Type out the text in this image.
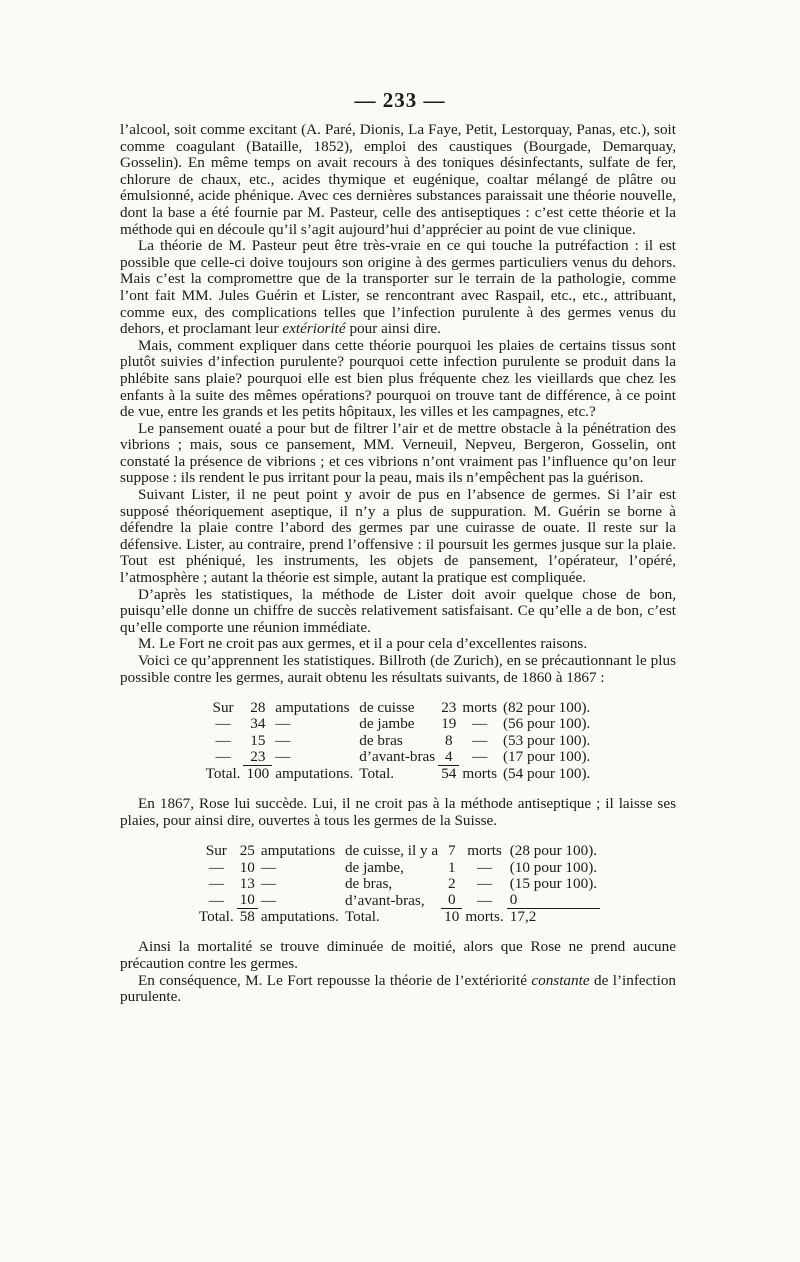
— 233 —

l’alcool, soit comme excitant (A. Paré, Dionis, La Faye, Petit, Lestorquay, Panas, etc.), soit comme coagulant (Bataille, 1852), emploi des caustiques (Bourgade, Demarquay, Gosselin). En même temps on avait recours à des toniques désinfectants, sulfate de fer, chlorure de chaux, etc., acides thymique et eugénique, coaltar mélangé de plâtre ou émulsionné, acide phénique. Avec ces dernières substances paraissait une théorie nouvelle, dont la base a été fournie par M. Pasteur, celle des antiseptiques : c’est cette théorie et la méthode qui en découle qu’il s’agit aujourd’hui d’apprécier au point de vue clinique.

La théorie de M. Pasteur peut être très-vraie en ce qui touche la putréfaction : il est possible que celle-ci doive toujours son origine à des germes particuliers venus du dehors. Mais c’est la compromettre que de la transporter sur le terrain de la pathologie, comme l’ont fait MM. Jules Guérin et Lister, se rencontrant avec Raspail, etc., etc., attribuant, comme eux, des complications telles que l’infection purulente à des germes venus du dehors, et proclamant leur extériorité pour ainsi dire.

Mais, comment expliquer dans cette théorie pourquoi les plaies de certains tissus sont plutôt suivies d’infection purulente? pourquoi cette infection purulente se produit dans la phlébite sans plaie? pourquoi elle est bien plus fréquente chez les vieillards que chez les enfants à la suite des mêmes opérations? pourquoi on trouve tant de différence, à ce point de vue, entre les grands et les petits hôpitaux, les villes et les campagnes, etc.?

Le pansement ouaté a pour but de filtrer l’air et de mettre obstacle à la pénétration des vibrions ; mais, sous ce pansement, MM. Verneuil, Nepveu, Bergeron, Gosselin, ont constaté la présence de vibrions ; et ces vibrions n’ont vraiment pas l’influence qu’on leur suppose : ils rendent le pus irritant pour la peau, mais ils n’empêchent pas la guérison.

Suivant Lister, il ne peut point y avoir de pus en l’absence de germes. Si l’air est supposé théoriquement aseptique, il n’y a plus de suppuration. M. Guérin se borne à défendre la plaie contre l’abord des germes par une cuirasse de ouate. Il reste sur la défensive. Lister, au contraire, prend l’offensive : il poursuit les germes jusque sur la plaie. Tout est phéniqué, les instruments, les objets de pansement, l’opérateur, l’opéré, l’atmosphère ; autant la théorie est simple, autant la pratique est compliquée.

D’après les statistiques, la méthode de Lister doit avoir quelque chose de bon, puisqu’elle donne un chiffre de succès relativement satisfaisant. Ce qu’elle a de bon, c’est qu’elle comporte une réunion immédiate.

M. Le Fort ne croit pas aux germes, et il a pour cela d’excellentes raisons.

Voici ce qu’apprennent les statistiques. Billroth (de Zurich), en se précautionnant le plus possible contre les germes, aurait obtenu les résultats suivants, de 1860 à 1867 :

Sur	28	amputations	de cuisse	23	morts	(82 pour 100).
—	34	—	de jambe	19	—	(56 pour 100).
—	15	—	de bras	8	—	(53 pour 100).
—	23	—	d’avant-bras	4	—	(17 pour 100).
Total.	100	amputations.	Total.	54	morts	(54 pour 100).

En 1867, Rose lui succède. Lui, il ne croit pas à la méthode antiseptique ; il laisse ses plaies, pour ainsi dire, ouvertes à tous les germes de la Suisse.

Sur	25	amputations	de cuisse, il y a	7	morts	(28 pour 100).
—	10	—	de jambe,	1	—	(10 pour 100).
—	13	—	de bras,	2	—	(15 pour 100).
—	10	—	d’avant-bras,	0	—	0
Total.	58	amputations.	Total.	10	morts.	17,2

Ainsi la mortalité se trouve diminuée de moitié, alors que Rose ne prend aucune précaution contre les germes.

En conséquence, M. Le Fort repousse la théorie de l’extériorité constante de l’infection purulente.
